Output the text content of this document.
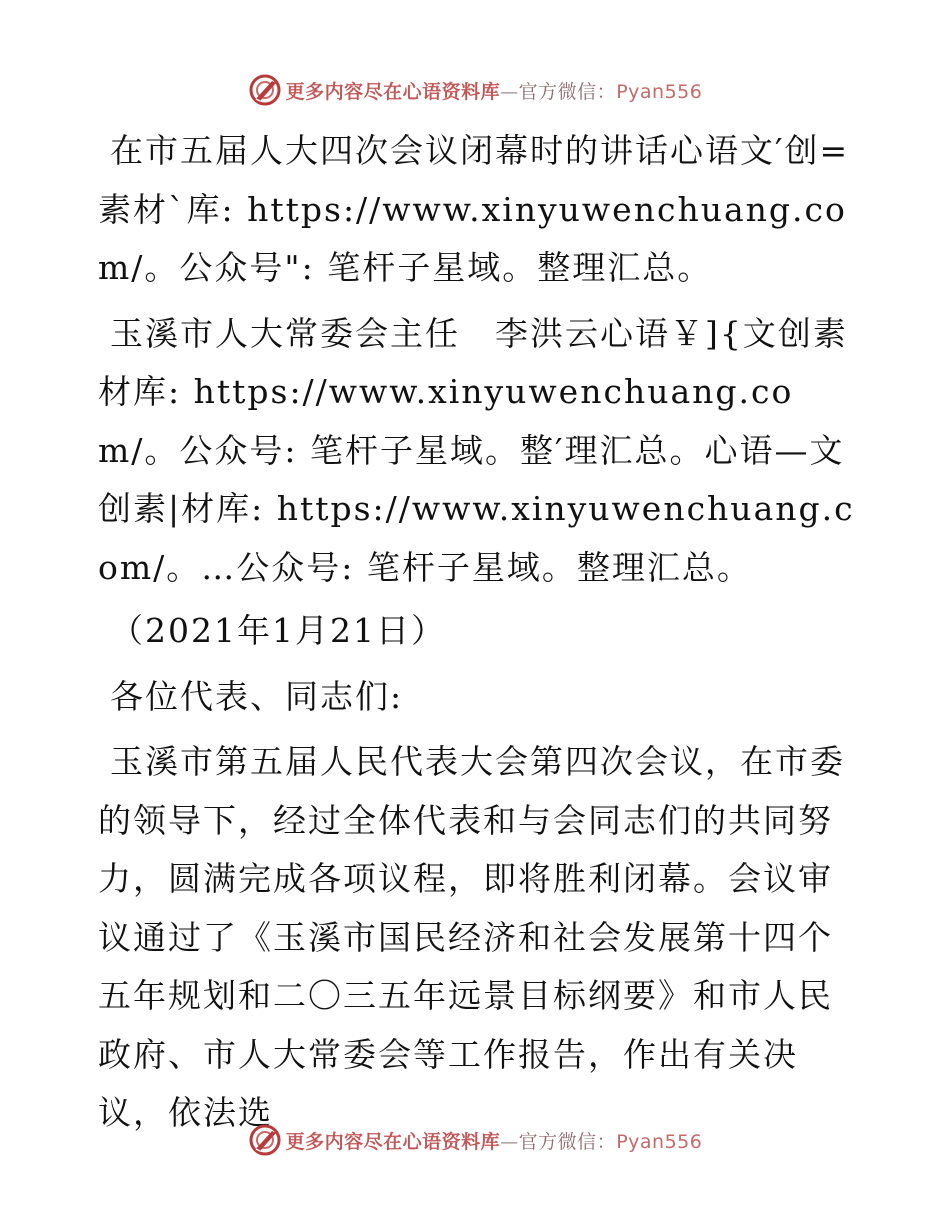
更多内容尽在心语资料库—官方微信：Pyan556

在市五届人大四次会议闭幕时的讲话心语文′创=素材`库: https://www.xinyuwenchuang.com/。公众号": 笔杆子星域。整理汇总。

玉溪市人大常委会主任　李洪云心语￥]{文创素材库: https://www.xinyuwenchuang.com/。公众号: 笔杆子星域。整′理汇总。心语—文创素|材库: https://www.xinyuwenchuang.com/。…公众号: 笔杆子星域。整理汇总。

（2021年1月21日）

各位代表、同志们:

玉溪市第五届人民代表大会第四次会议，在市委的领导下，经过全体代表和与会同志们的共同努力，圆满完成各项议程，即将胜利闭幕。会议审议通过了《玉溪市国民经济和社会发展第十四个五年规划和二〇三五年远景目标纲要》和市人民政府、市人大常委会等工作报告，作出有关决议，依法选

更多内容尽在心语资料库—官方微信：Pyan556
